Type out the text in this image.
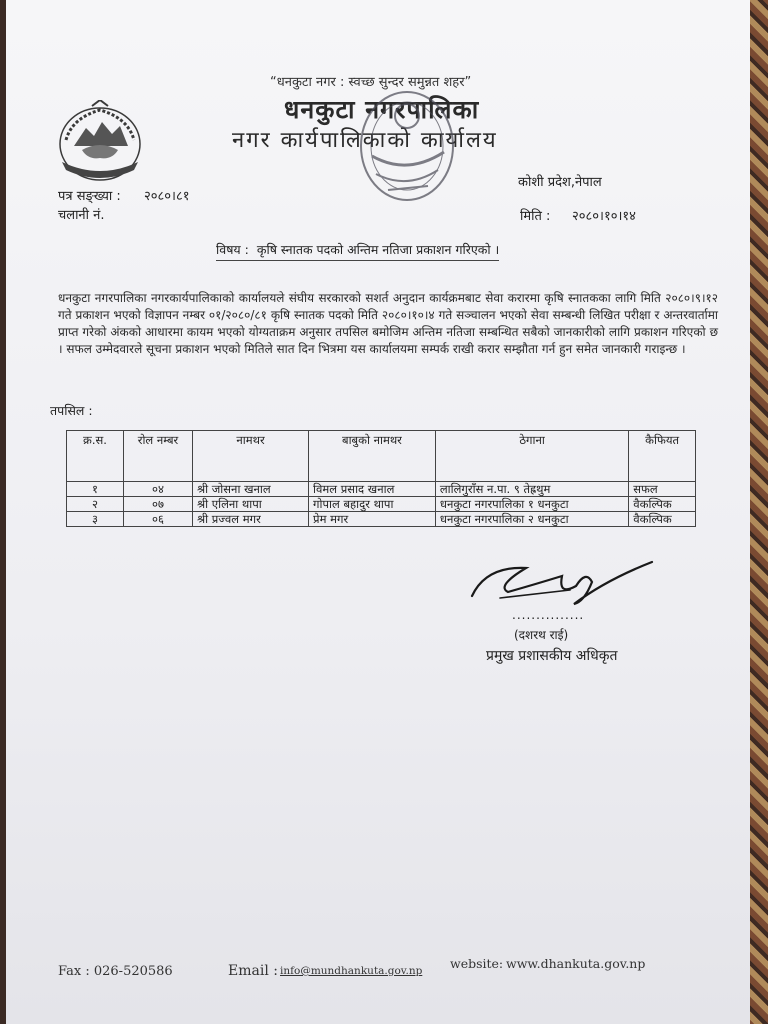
“धनकुटा नगर : स्वच्छ सुन्दर समुन्नत शहर”
धनकुटा नगरपालिका
नगर कार्यपालिकाको कार्यालय
पत्र सङ्ख्या : २०८०।८१
चलानी नं.
कोशी प्रदेश,नेपाल
मिति : २०८०।१०।१४
विषय : कृषि स्नातक पदको अन्तिम नतिजा प्रकाशन गरिएको ।
धनकुटा नगरपालिका नगरकार्यपालिकाको कार्यालयले संघीय सरकारको सशर्त अनुदान कार्यक्रमबाट सेवा करारमा कृषि स्नातकका लागि मिति २०८०।९।१२ गते प्रकाशन भएको विज्ञापन नम्बर ०१/२०८०/८१ कृषि स्नातक पदको मिति २०८०।१०।४ गते सञ्चालन भएको सेवा सम्बन्धी लिखित परीक्षा र अन्तरवार्तामा प्राप्त गरेको अंकको आधारमा कायम भएको योग्यताक्रम अनुसार तपसिल बमोजिम अन्तिम नतिजा सम्बन्धित सबैको जानकारीको लागि प्रकाशन गरिएको छ । सफल उम्मेदवारले सूचना प्रकाशन भएको मितिले सात दिन भित्रमा यस कार्यालयमा सम्पर्क राखी करार सम्झौता गर्न हुन समेत जानकारी गराइन्छ ।
तपसिल :
क्र.स.	रोल नम्बर	नामथर	बाबुको नामथर	ठेगाना	कैफियत
१	०४	श्री जोसना खनाल	विमल प्रसाद खनाल	लालिगुराँस न.पा. ९ तेह्रथुम	सफल
२	०७	श्री एलिना थापा	गोपाल बहादुर थापा	धनकुटा नगरपालिका १ धनकुटा	वैकल्पिक
३	०६	श्री प्रज्वल मगर	प्रेम मगर	धनकुटा नगरपालिका २ धनकुटा	वैकल्पिक
...............
(दशरथ राई)
प्रमुख प्रशासकीय अधिकृत
Fax : 026-520586	Email : info@mundhankuta.gov.np website: www.dhankuta.gov.np
